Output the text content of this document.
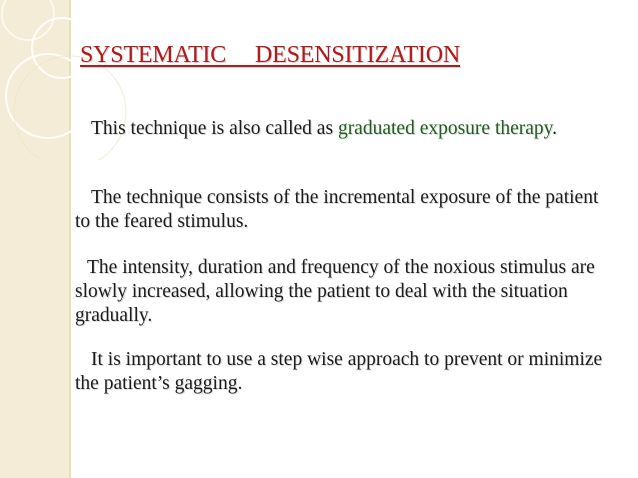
SYSTEMATIC     DESENSITIZATION

This technique is also called as graduated exposure therapy.

The technique consists of the incremental exposure of the patient to the feared stimulus.

The intensity, duration and frequency of the noxious stimulus are slowly increased, allowing the patient to deal with the situation gradually.

It is important to use a step wise approach to prevent or minimize the patient’s gagging.
